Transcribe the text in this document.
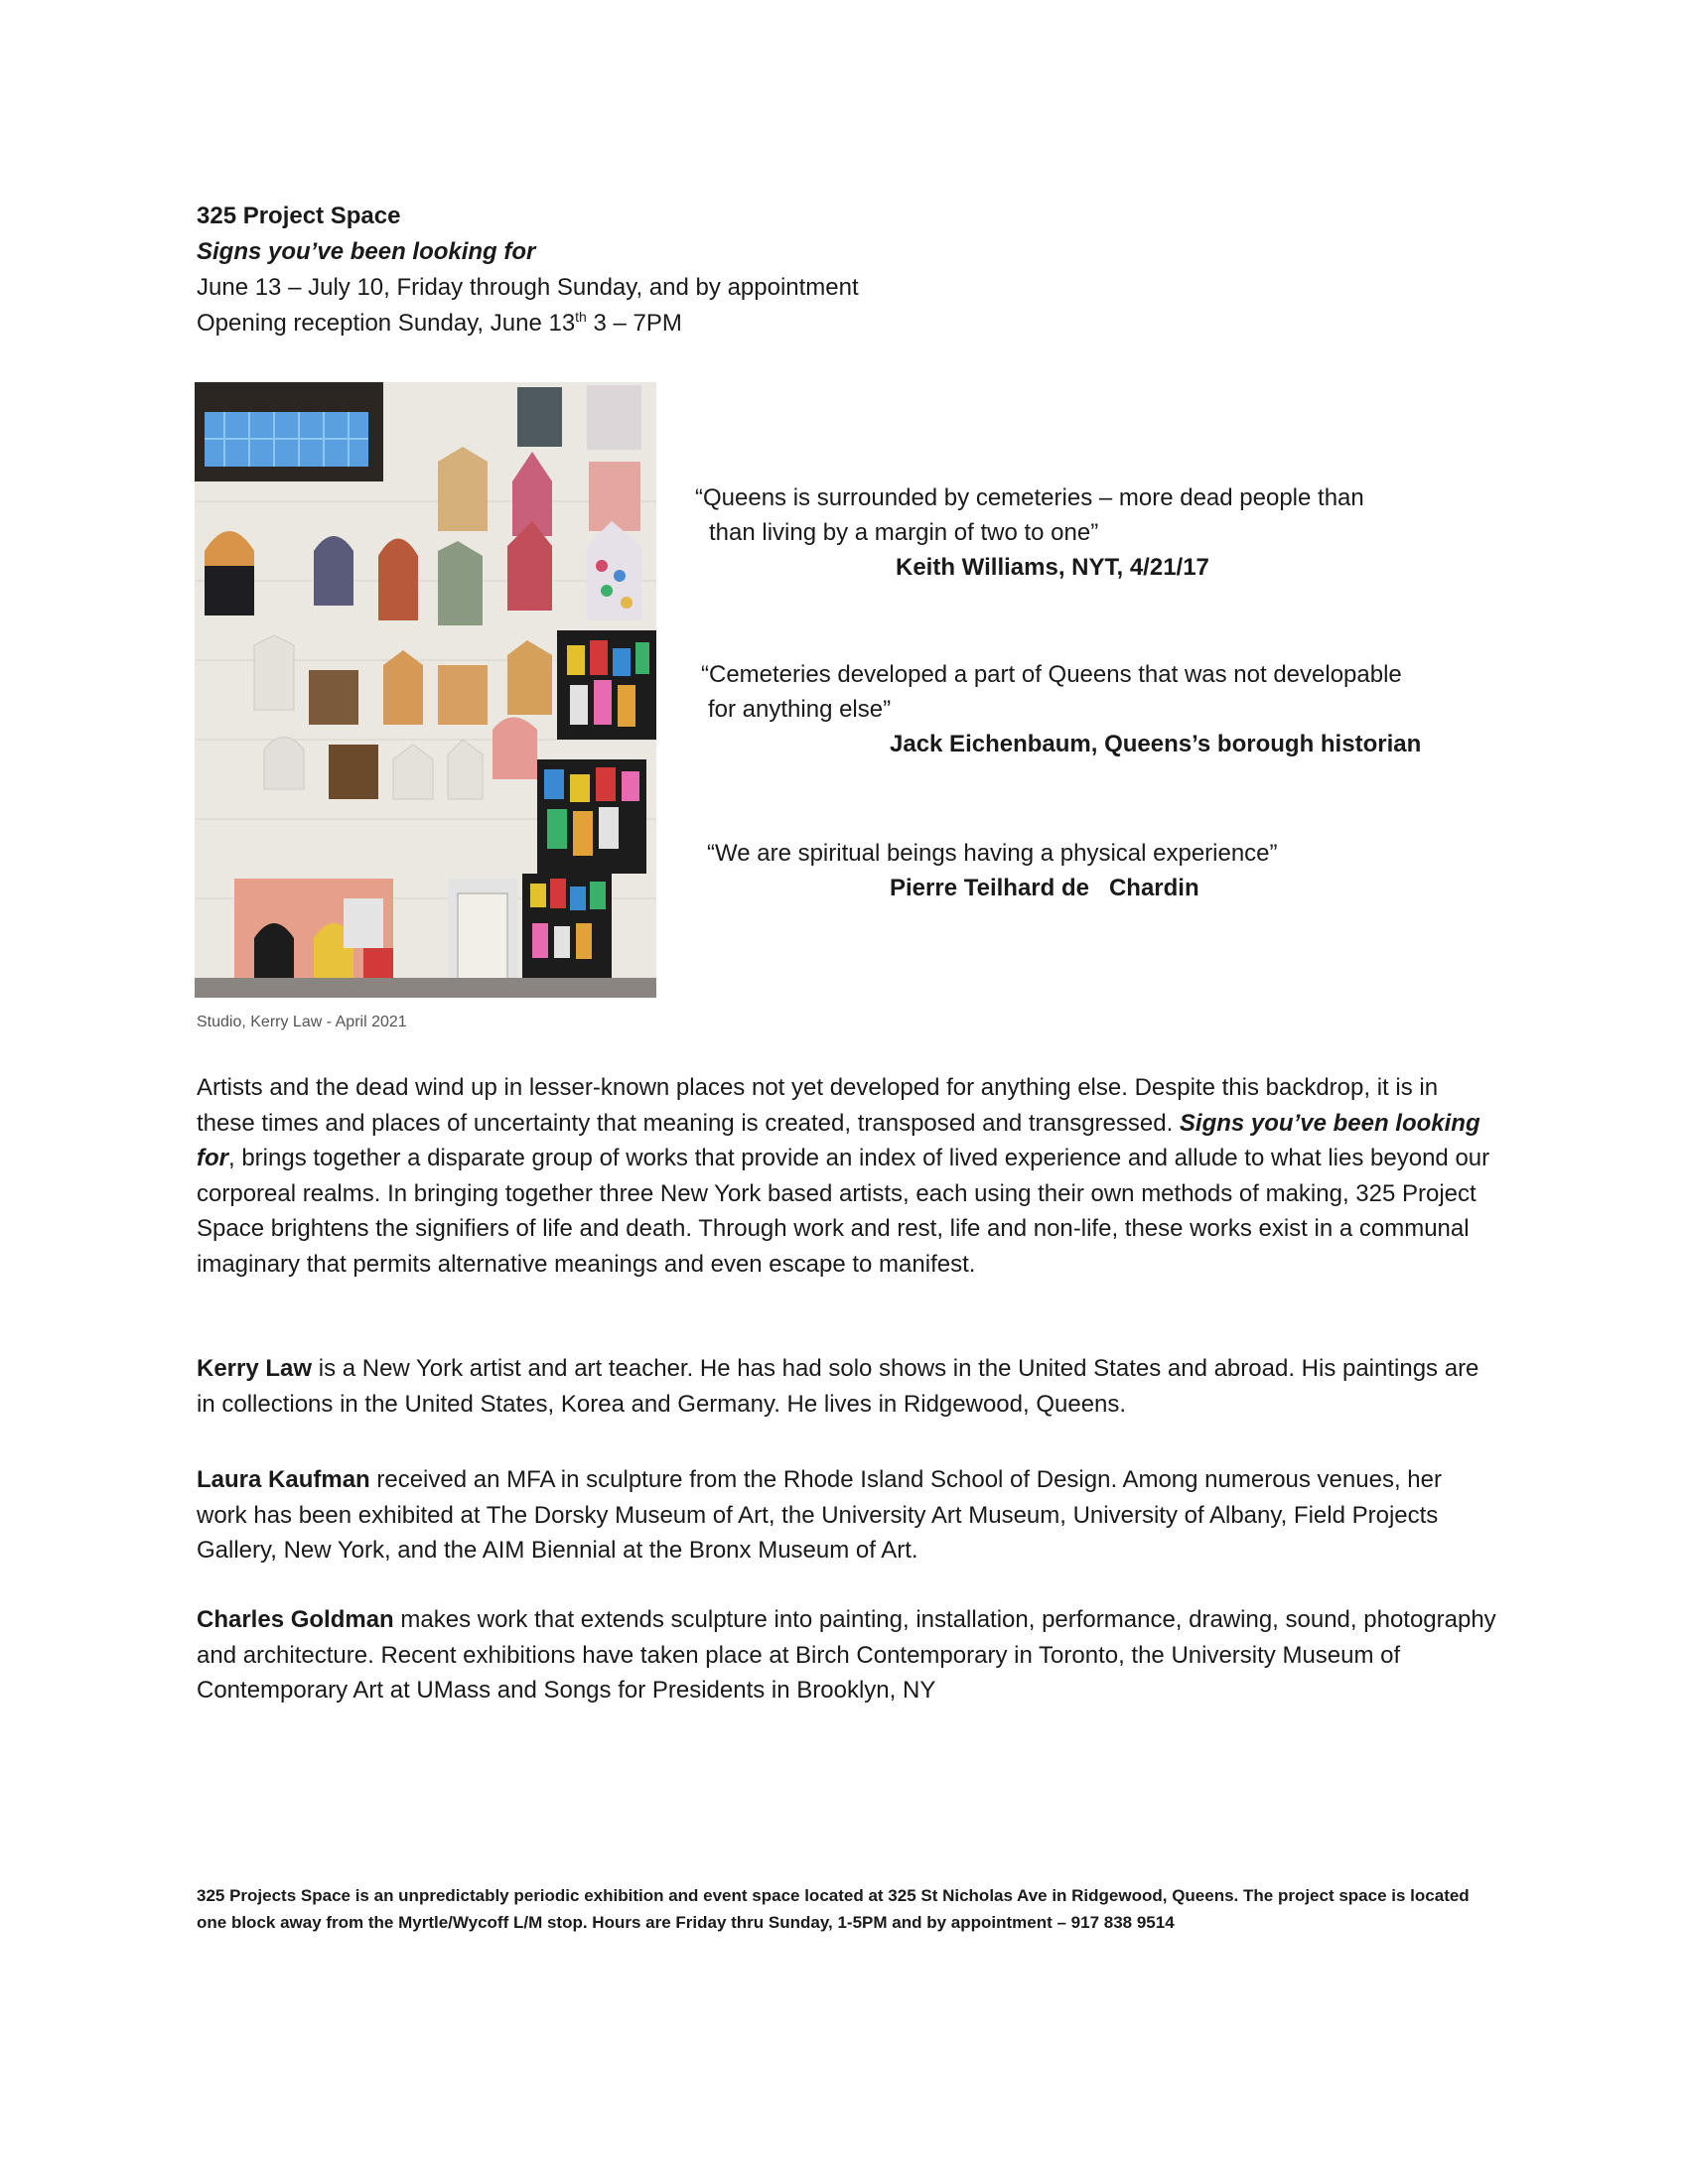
325 Project Space
Signs you’ve been looking for
June 13 – July 10, Friday through Sunday, and by appointment
Opening reception Sunday, June 13th 3 – 7PM
Studio, Kerry Law - April 2021
“Queens is surrounded by cemeteries – more dead people than
than living by a margin of two to one”
Keith Williams, NYT, 4/21/17
“Cemeteries developed a part of Queens that was not developable
for anything else”
Jack Eichenbaum, Queens’s borough historian
“We are spiritual beings having a physical experience”
Pierre Teilhard de   Chardin

Artists and the dead wind up in lesser-known places not yet developed for anything else. Despite this backdrop, it is in these times and places of uncertainty that meaning is created, transposed and transgressed. Signs you’ve been looking for, brings together a disparate group of works that provide an index of lived experience and allude to what lies beyond our corporeal realms. In bringing together three New York based artists, each using their own methods of making, 325 Project Space brightens the signifiers of life and death. Through work and rest, life and non-life, these works exist in a communal imaginary that permits alternative meanings and even escape to manifest.

Kerry Law is a New York artist and art teacher. He has had solo shows in the United States and abroad. His paintings are in collections in the United States, Korea and Germany. He lives in Ridgewood, Queens.

Laura Kaufman received an MFA in sculpture from the Rhode Island School of Design. Among numerous venues, her work has been exhibited at The Dorsky Museum of Art, the University Art Museum, University of Albany, Field Projects Gallery, New York, and the AIM Biennial at the Bronx Museum of Art.

Charles Goldman makes work that extends sculpture into painting, installation, performance, drawing, sound, photography and architecture. Recent exhibitions have taken place at Birch Contemporary in Toronto, the University Museum of Contemporary Art at UMass and Songs for Presidents in Brooklyn, NY

325 Projects Space is an unpredictably periodic exhibition and event space located at 325 St Nicholas Ave in Ridgewood, Queens. The project space is located one block away from the Myrtle/Wycoff L/M stop. Hours are Friday thru Sunday, 1-5PM and by appointment – 917 838 9514
